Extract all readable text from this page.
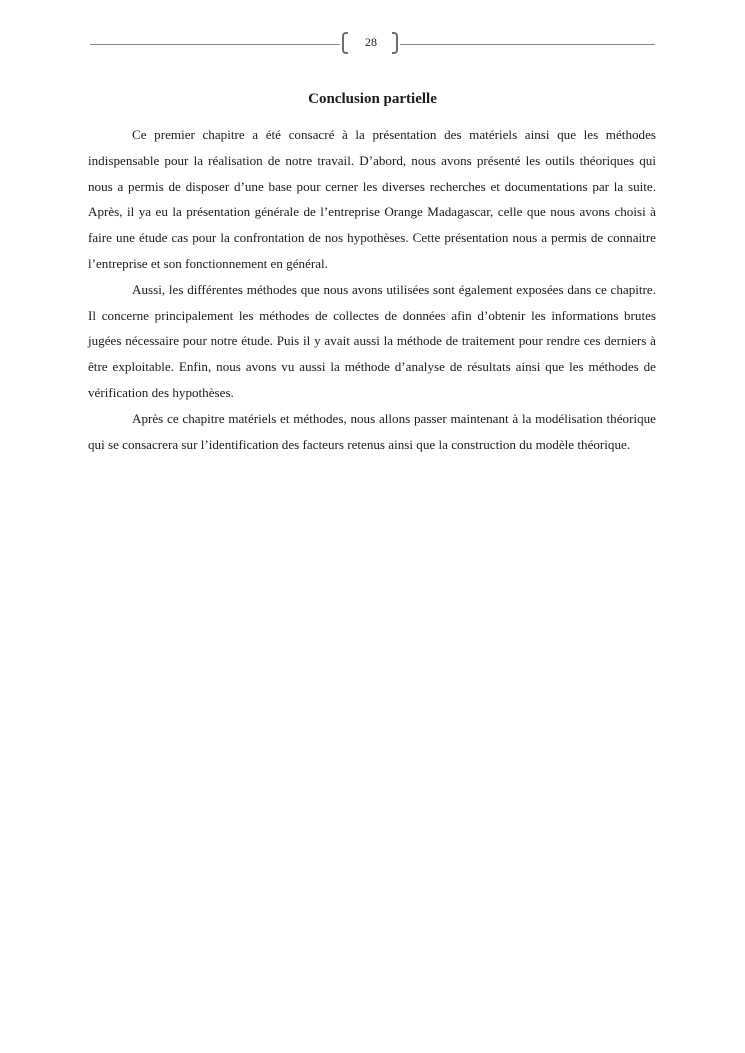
28
Conclusion partielle

Ce premier chapitre a été consacré à la présentation des matériels ainsi que les méthodes indispensable pour la réalisation de notre travail. D’abord, nous avons présenté les outils théoriques qui nous a permis de disposer d’une base pour cerner les diverses recherches et documentations par la suite. Après, il ya eu la présentation générale de l’entreprise Orange Madagascar, celle que nous avons choisi à faire une étude cas pour la confrontation de nos hypothèses. Cette présentation nous a permis de connaitre l’entreprise et son fonctionnement en général.

Aussi, les différentes méthodes que nous avons utilisées sont également exposées dans ce chapitre. Il concerne principalement les méthodes de collectes de données afin d’obtenir les informations brutes jugées nécessaire pour notre étude. Puis il y avait aussi la méthode de traitement pour rendre ces derniers à être exploitable. Enfin, nous avons vu aussi la méthode d’analyse de résultats ainsi que les méthodes de vérification des hypothèses.

Après ce chapitre matériels et méthodes, nous allons passer maintenant à la modélisation théorique qui se consacrera sur l’identification des facteurs retenus ainsi que la construction du modèle théorique.
